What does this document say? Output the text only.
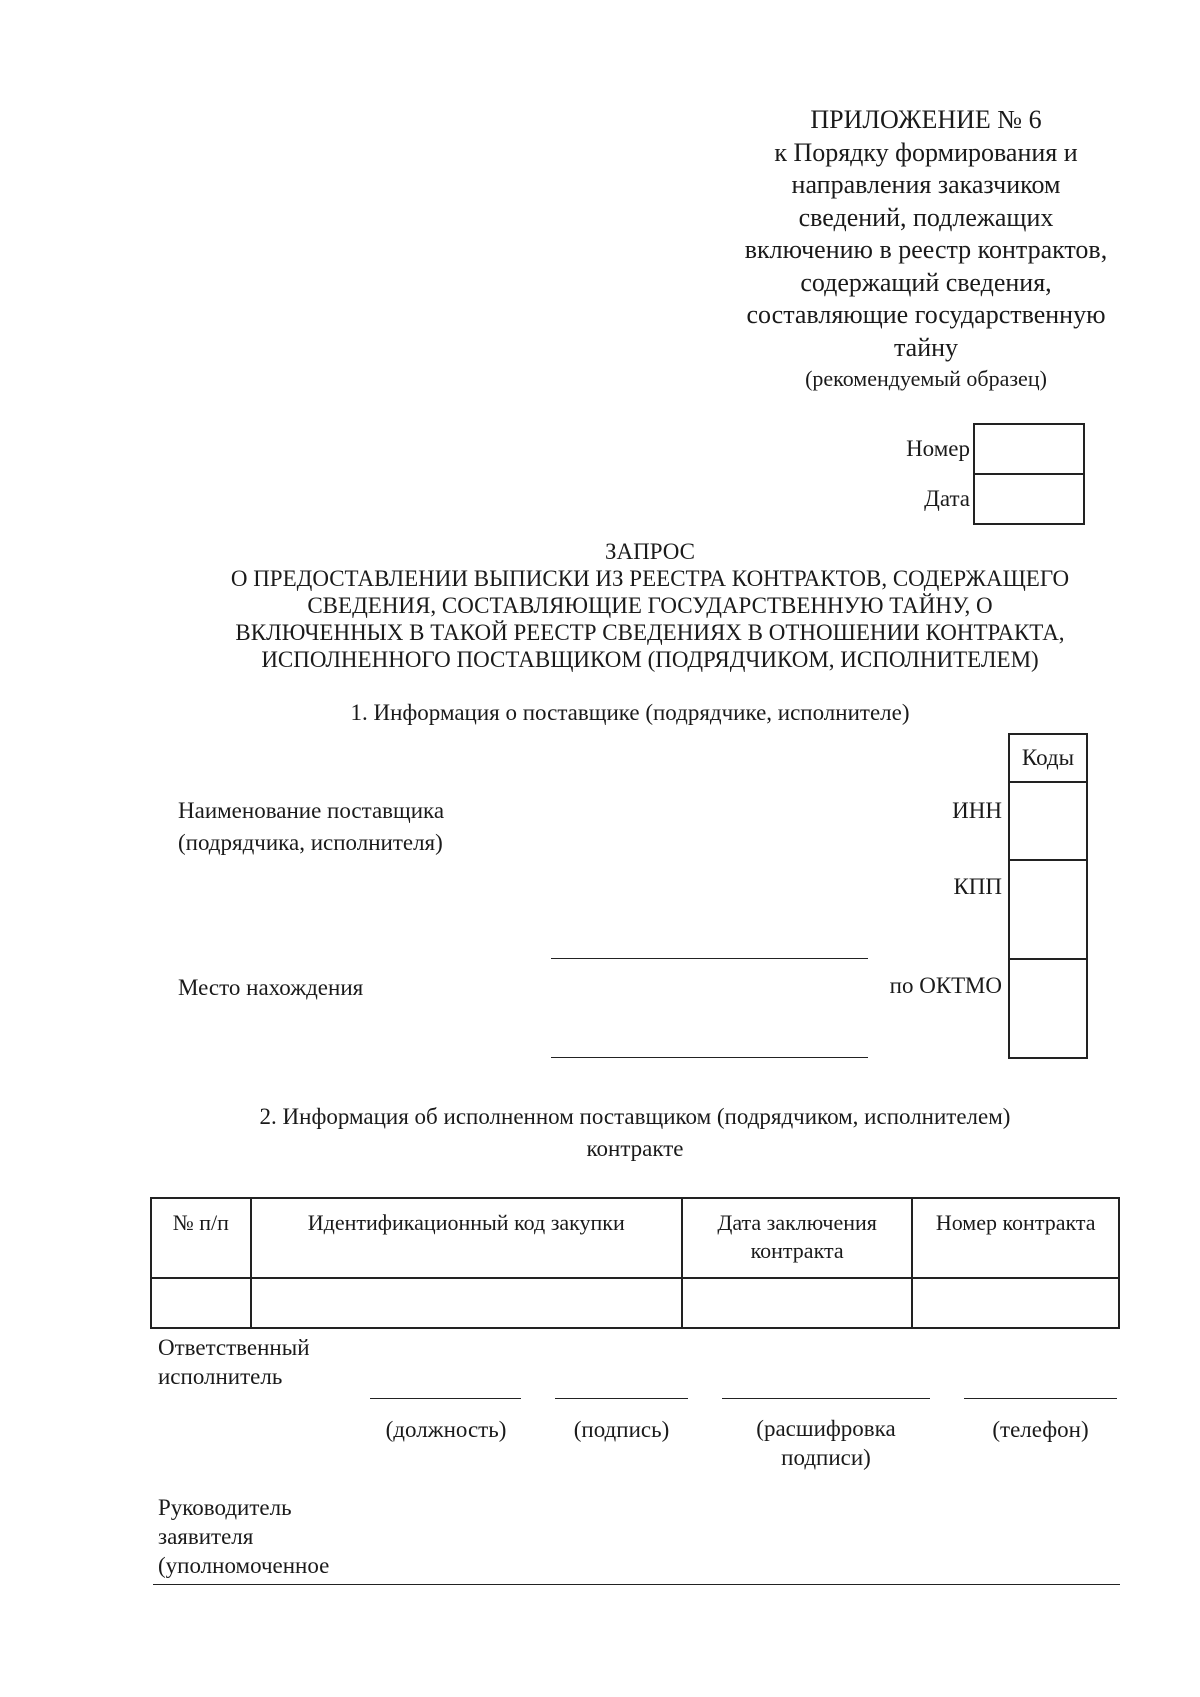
ПРИЛОЖЕНИЕ № 6
к Порядку формирования и
направления заказчиком
сведений, подлежащих
включению в реестр контрактов,
содержащий сведения,
составляющие государственную
тайну
(рекомендуемый образец)
Номер
Дата
ЗАПРОС
О ПРЕДОСТАВЛЕНИИ ВЫПИСКИ ИЗ РЕЕСТРА КОНТРАКТОВ, СОДЕРЖАЩЕГО
СВЕДЕНИЯ, СОСТАВЛЯЮЩИЕ ГОСУДАРСТВЕННУЮ ТАЙНУ, О
ВКЛЮЧЕННЫХ В ТАКОЙ РЕЕСТР СВЕДЕНИЯХ В ОТНОШЕНИИ КОНТРАКТА,
ИСПОЛНЕННОГО ПОСТАВЩИКОМ (ПОДРЯДЧИКОМ, ИСПОЛНИТЕЛЕМ)
1. Информация о поставщике (подрядчике, исполнителе)
Коды
Наименование поставщика
(подрядчика, исполнителя)
ИНН
КПП
Место нахождения	по ОКТМО
2. Информация об исполненном поставщиком (подрядчиком, исполнителем)
контракте
№ п/п	Идентификационный код закупки	Дата заключения контракта	Номер контракта

Ответственный
исполнитель
(должность)	(подпись)	(расшифровка
подписи)
(телефон)
Руководитель
заявителя
(уполномоченное
